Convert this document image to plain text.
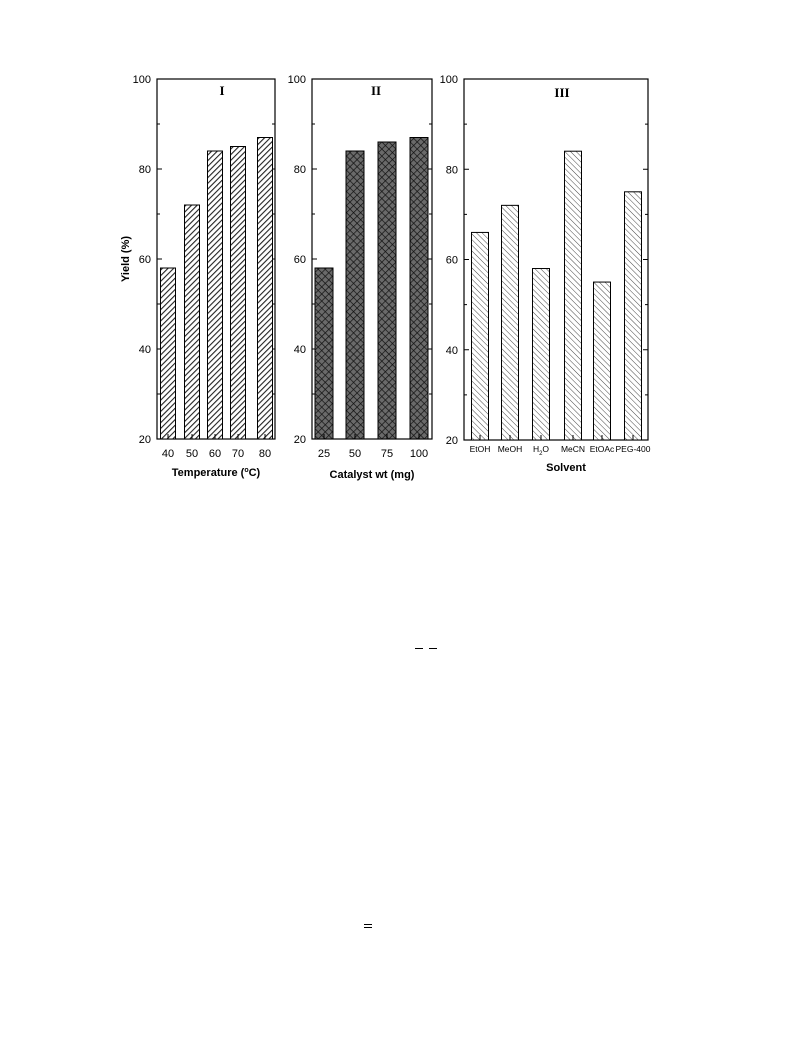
I
20
40
60
80
100
40 50 60 70 80
Temperature ($^o$C)
Yield (%)
II
20
40
60
80
100
25 50 75 100
Catalyst wt (mg)
III
20
40
60
80
100
EtOH MeOH $H_2O$ MeCN EtOAc PEG-400
Solvent
